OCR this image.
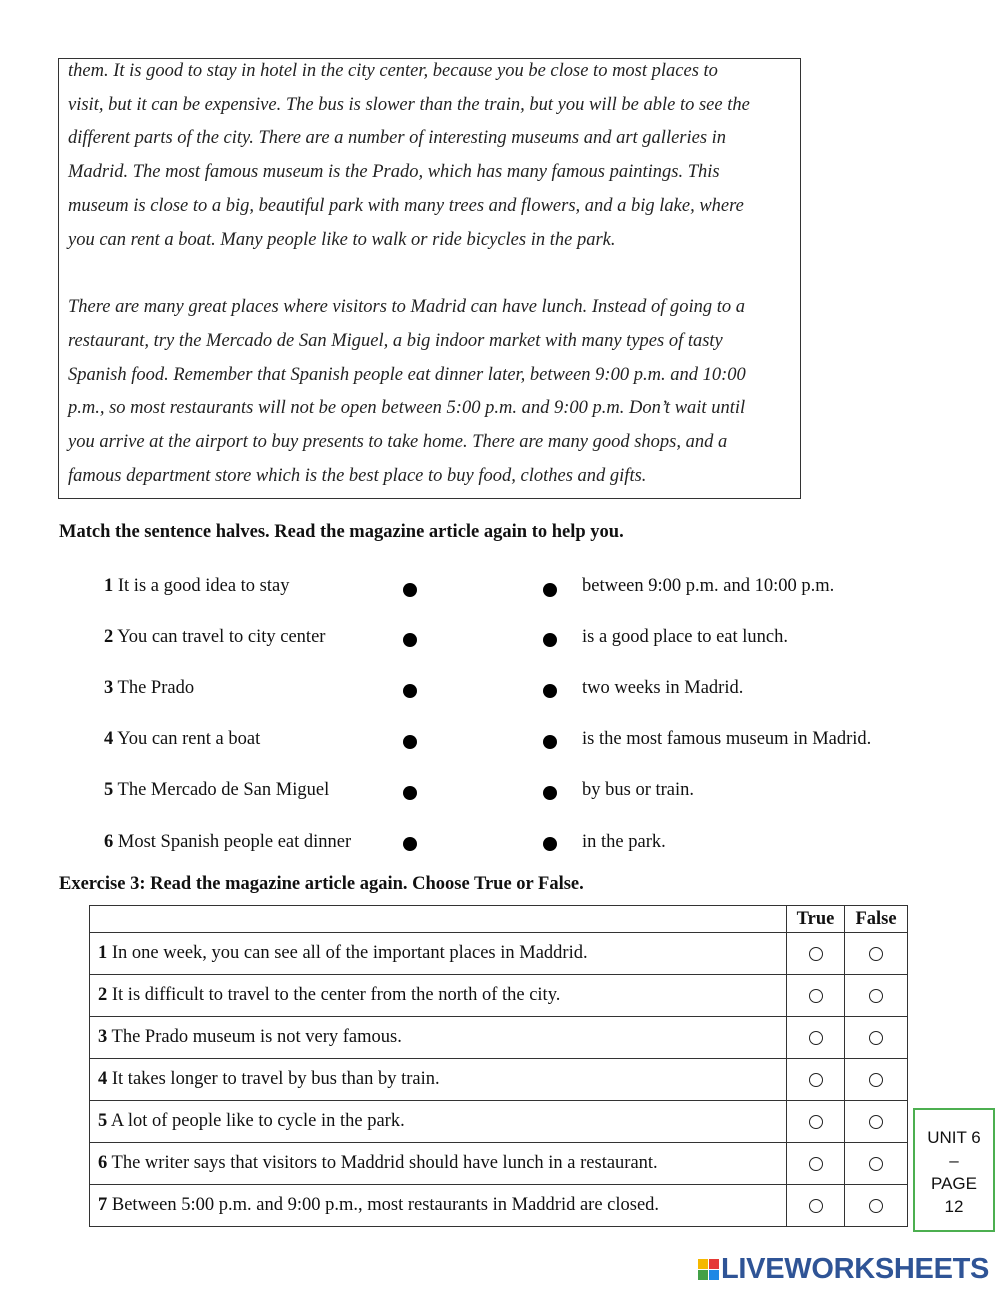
them. It is good to stay in hotel in the city center, because you be close to most places to
visit, but it can be expensive. The bus is slower than the train, but you will be able to see the
different parts of the city. There are a number of interesting museums and art galleries in
Madrid. The most famous museum is the Prado, which has many famous paintings. This
museum is close to a big, beautiful park with many trees and flowers, and a big lake, where
you can rent a boat. Many people like to walk or ride bicycles in the park.
There are many great places where visitors to Madrid can have lunch. Instead of going to a
restaurant, try the Mercado de San Miguel, a big indoor market with many types of tasty
Spanish food. Remember that Spanish people eat dinner later, between 9:00 p.m. and 10:00
p.m., so most restaurants will not be open between 5:00 p.m. and 9:00 p.m. Don’t wait until
you arrive at the airport to buy presents to take home. There are many good shops, and a
famous department store which is the best place to buy food, clothes and gifts.
Match the sentence halves. Read the magazine article again to help you.
1 It is a good idea to stay	between 9:00 p.m. and 10:00 p.m.
2 You can travel to city center	is a good place to eat lunch.
3 The Prado	two weeks in Madrid.
4 You can rent a boat	is the most famous museum in Madrid.
5 The Mercado de San Miguel	by bus or train.
6 Most Spanish people eat dinner	in the park.
Exercise 3: Read the magazine article again. Choose True or False.
	True	False
1 In one week, you can see all of the important places in Maddrid.		
2 It is difficult to travel to the center from the north of the city.		
3 The Prado museum is not very famous.		
4 It takes longer to travel by bus than by train.		
5 A lot of people like to cycle in the park.		
6 The writer says that visitors to Maddrid should have lunch in a restaurant.		
7 Between 5:00 p.m. and 9:00 p.m., most restaurants in Maddrid are closed.		
UNIT 6
–
PAGE
12
LIVEWORKSHEETS
